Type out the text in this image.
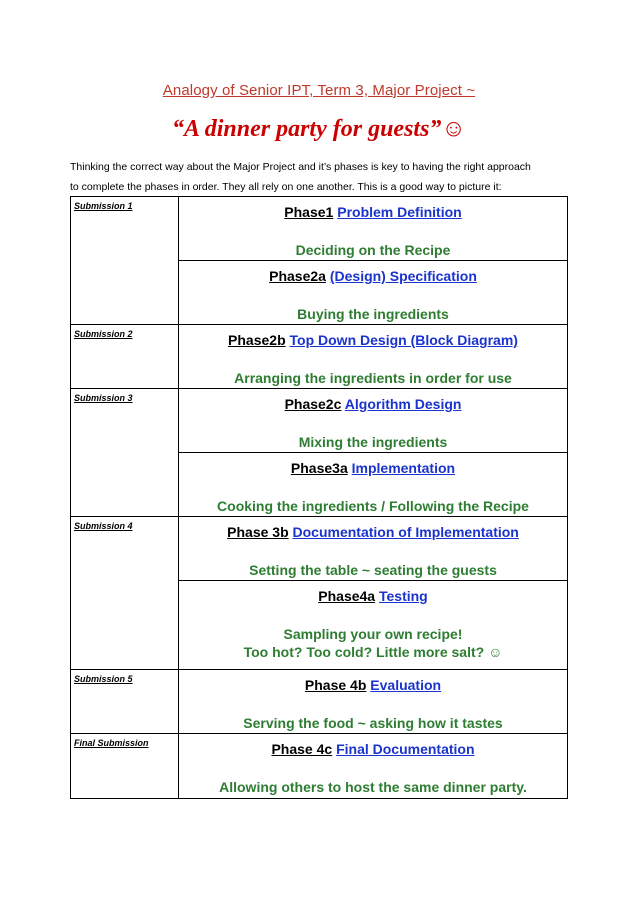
Analogy of Senior IPT, Term 3, Major Project ~
“A dinner party for guests”☺

Thinking the correct way about the Major Project and it’s phases is key to having the right approach

to complete the phases in order. They all rely on one another. This is a good way to picture it:

Submission 1	Phase1 Problem Definition
Deciding on the Recipe

	Phase2a (Design) Specification
Buying the ingredients

Submission 2	Phase2b Top Down Design (Block Diagram)
Arranging the ingredients in order for use

Submission 3	Phase2c Algorithm Design
Mixing the ingredients

	Phase3a Implementation
Cooking the ingredients / Following the Recipe

Submission 4	Phase 3b Documentation of Implementation
Setting the table ~ seating the guests

	Phase4a Testing
Sampling your own recipe!
Too hot? Too cold? Little more salt? ☺

Submission 5	Phase 4b Evaluation
Serving the food ~ asking how it tastes

Final Submission	Phase 4c Final Documentation
Allowing others to host the same dinner party.
